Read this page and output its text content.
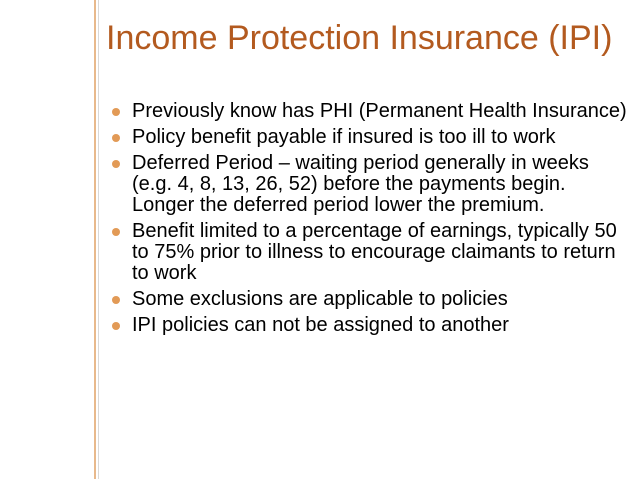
Income Protection Insurance (IPI)
Previously know has PHI (Permanent Health Insurance)
Policy benefit payable if insured is too ill to work
Deferred Period – waiting period generally in weeks (e.g. 4, 8, 13, 26, 52) before the payments begin. Longer the deferred period lower the premium.
Benefit limited to a percentage of earnings, typically 50 to 75% prior to illness to encourage claimants to return to work
Some exclusions are applicable to policies
IPI policies can not be assigned to another
